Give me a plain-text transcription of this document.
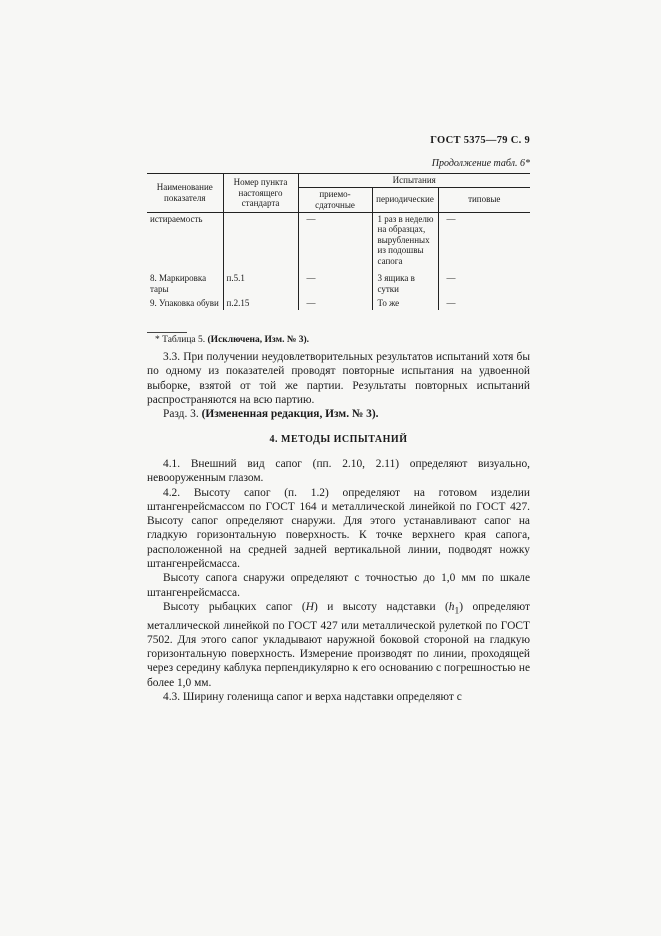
ГОСТ 5375—79 С. 9
Продолжение табл. 6*
Наименование показателя	Номер пункта настоящего стандарта	Испытания		
		приемо-сдаточные	периодические	типовые
истираемость		—	1 раз в неделю на образцах, вырубленных из подошвы сапога	—
8. Маркировка тары	п.5.1	—	3 ящика в сутки	—
9. Упаковка обуви	п.2.15	—	То же	—
* Таблица 5. (Исключена, Изм. № 3).

3.3. При получении неудовлетворительных результатов испытаний хотя бы по одному из показателей проводят повторные испытания на удвоенной выборке, взятой от той же партии. Результаты повторных испытаний распространяются на всю партию.

Разд. 3. (Измененная редакция, Изм. № 3).

4. МЕТОДЫ ИСПЫТАНИЙ

4.1. Внешний вид сапог (пп. 2.10, 2.11) определяют визуально, невооруженным глазом.

4.2. Высоту сапог (п. 1.2) определяют на готовом изделии штангенрейсмассом по ГОСТ 164 и металлической линейкой по ГОСТ 427. Высоту сапог определяют снаружи. Для этого устанавливают сапог на гладкую горизонтальную поверхность. К точке верхнего края сапога, расположенной на средней задней вертикальной линии, подводят ножку штангенрейсмасса.

Высоту сапога снаружи определяют с точностью до 1,0 мм по шкале штангенрейсмасса.

Высоту рыбацких сапог (H) и высоту надставки $(h_1)$ определяют металлической линейкой по ГОСТ 427 или металлической рулеткой по ГОСТ 7502. Для этого сапог укладывают наружной боковой стороной на гладкую горизонтальную поверхность. Измерение производят по линии, проходящей через середину каблука перпендикулярно к его основанию с погрешностью не более 1,0 мм.

4.3. Ширину голенища сапог и верха надставки определяют с
